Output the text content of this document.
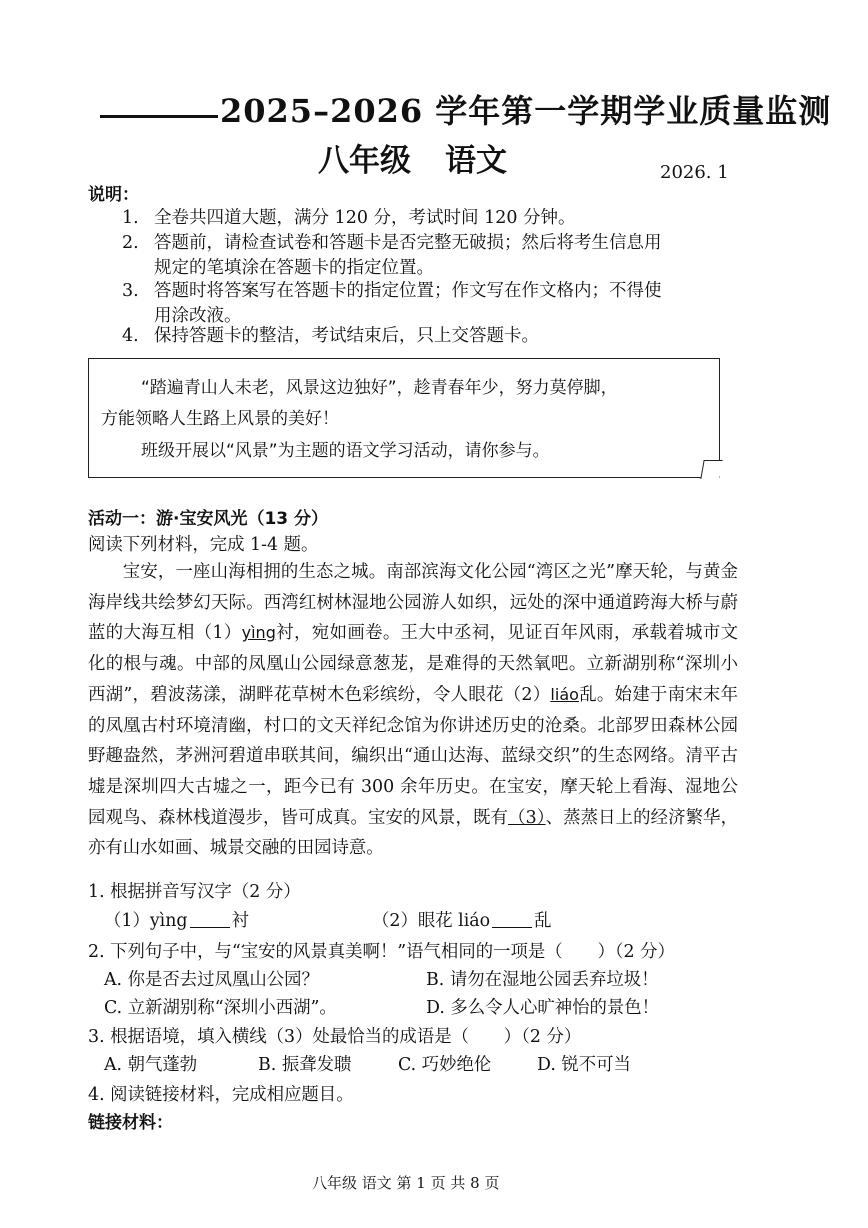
2025–2026 学年第一学期学业质量监测
八年级 语文	2026. 1
说明：
1. 全卷共四道大题，满分 120 分，考试时间 120 分钟。
2. 答题前，请检查试卷和答题卡是否完整无破损；然后将考生信息用
规定的笔填涂在答题卡的指定位置。
3. 答题时将答案写在答题卡的指定位置；作文写在作文格内；不得使
用涂改液。
4. 保持答题卡的整洁，考试结束后，只上交答题卡。

“踏遍青山人未老，风景这边独好”，趁青春年少，努力莫停脚，

方能领略人生路上风景的美好！

班级开展以“风景”为主题的语文学习活动，请你参与。

活动一：游·宝安风光（13 分）
阅读下列材料，完成 1-4 题。

宝安，一座山海相拥的生态之城。南部滨海文化公园“湾区之光”摩天轮，与黄金海岸线共绘梦幻天际。西湾红树林湿地公园游人如织，远处的深中通道跨海大桥与蔚蓝的大海互相（1）yìng衬，宛如画卷。王大中丞祠，见证百年风雨，承载着城市文化的根与魂。中部的凤凰山公园绿意葱茏，是难得的天然氧吧。立新湖别称“深圳小西湖”，碧波荡漾，湖畔花草树木色彩缤纷，令人眼花（2）liáo乱。始建于南宋末年的凤凰古村环境清幽，村口的文天祥纪念馆为你讲述历史的沧桑。北部罗田森林公园野趣盎然，茅洲河碧道串联其间，编织出“通山达海、蓝绿交织”的生态网络。清平古墟是深圳四大古墟之一，距今已有 300 余年历史。在宝安，摩天轮上看海、湿地公园观鸟、森林栈道漫步，皆可成真。宝安的风景，既有（3）、蒸蒸日上的经济繁华，亦有山水如画、城景交融的田园诗意。

1. 根据拼音写汉字（2 分）
（1）yìng	衬	（2）眼花 liáo	乱
2. 下列句子中，与“宝安的风景真美啊！”语气相同的一项是（　　）（2 分）
A. 你是否去过凤凰山公园？	B. 请勿在湿地公园丢弃垃圾！
C. 立新湖别称“深圳小西湖”。	D. 多么令人心旷神怡的景色！
3. 根据语境，填入横线（3）处最恰当的成语是（　　）（2 分）
A. 朝气蓬勃	B. 振聋发聩	C. 巧妙绝伦	D. 锐不可当
4. 阅读链接材料，完成相应题目。
链接材料：
八年级 语文 第 1 页 共 8 页
